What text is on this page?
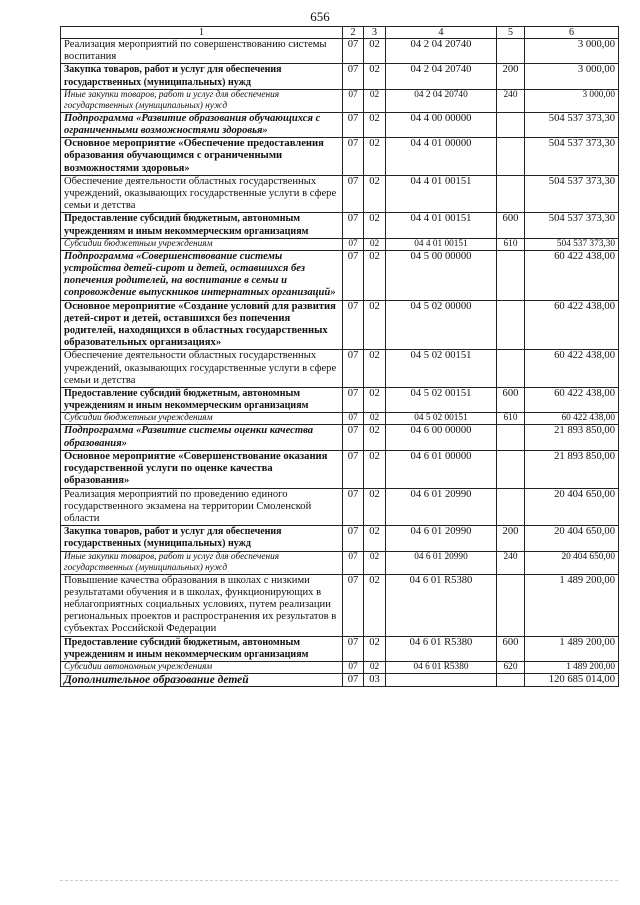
656
1	2	3	4	5	6
Реализация мероприятий по совершенствованию системы воспитания	07	02	04 2 04 20740		3 000,00
Закупка товаров, работ и услуг для обеспечения государственных (муниципальных) нужд	07	02	04 2 04 20740	200	3 000,00
Иные закупки товаров, работ и услуг для обеспечения государственных (муниципальных) нужд	07	02	04 2 04 20740	240	3 000,00
Подпрограмма «Развитие образования обучающихся с ограниченными возможностями здоровья»	07	02	04 4 00 00000		504 537 373,30
Основное мероприятие «Обеспечение предоставления образования обучающимся с ограниченными возможностями здоровья»	07	02	04 4 01 00000		504 537 373,30
Обеспечение деятельности областных государственных учреждений, оказывающих государственные услуги в сфере семьи и детства	07	02	04 4 01 00151		504 537 373,30
Предоставление субсидий бюджетным, автономным учреждениям и иным некоммерческим организациям	07	02	04 4 01 00151	600	504 537 373,30
Субсидии бюджетным учреждениям	07	02	04 4 01 00151	610	504 537 373,30
Подпрограмма «Совершенствование системы устройства детей-сирот и детей, оставшихся без попечения родителей, на воспитание в семьи и сопровождение выпускников интернатных организаций»	07	02	04 5 00 00000		60 422 438,00
Основное мероприятие «Создание условий для развития детей-сирот и детей, оставшихся без попечения родителей, находящихся в областных государственных образовательных организациях»	07	02	04 5 02 00000		60 422 438,00
Обеспечение деятельности областных государственных учреждений, оказывающих государственные услуги в сфере семьи и детства	07	02	04 5 02 00151		60 422 438,00
Предоставление субсидий бюджетным, автономным учреждениям и иным некоммерческим организациям	07	02	04 5 02 00151	600	60 422 438,00
Субсидии бюджетным учреждениям	07	02	04 5 02 00151	610	60 422 438,00
Подпрограмма «Развитие системы оценки качества образования»	07	02	04 6 00 00000		21 893 850,00
Основное мероприятие «Совершенствование оказания государственной услуги по оценке качества образования»	07	02	04 6 01 00000		21 893 850,00
Реализация мероприятий по проведению единого государственного экзамена на территории Смоленской области	07	02	04 6 01 20990		20 404 650,00
Закупка товаров, работ и услуг для обеспечения государственных (муниципальных) нужд	07	02	04 6 01 20990	200	20 404 650,00
Иные закупки товаров, работ и услуг для обеспечения государственных (муниципальных) нужд	07	02	04 6 01 20990	240	20 404 650,00
Повышение качества образования в школах с низкими результатами обучения и в школах, функционирующих в неблагоприятных социальных условиях, путем реализации региональных проектов и распространения их результатов в субъектах Российской Федерации	07	02	04 6 01 R5380		1 489 200,00
Предоставление субсидий бюджетным, автономным учреждениям и иным некоммерческим организациям	07	02	04 6 01 R5380	600	1 489 200,00
Субсидии автономным учреждениям	07	02	04 6 01 R5380	620	1 489 200,00
Дополнительное образование детей	07	03			120 685 014,00
